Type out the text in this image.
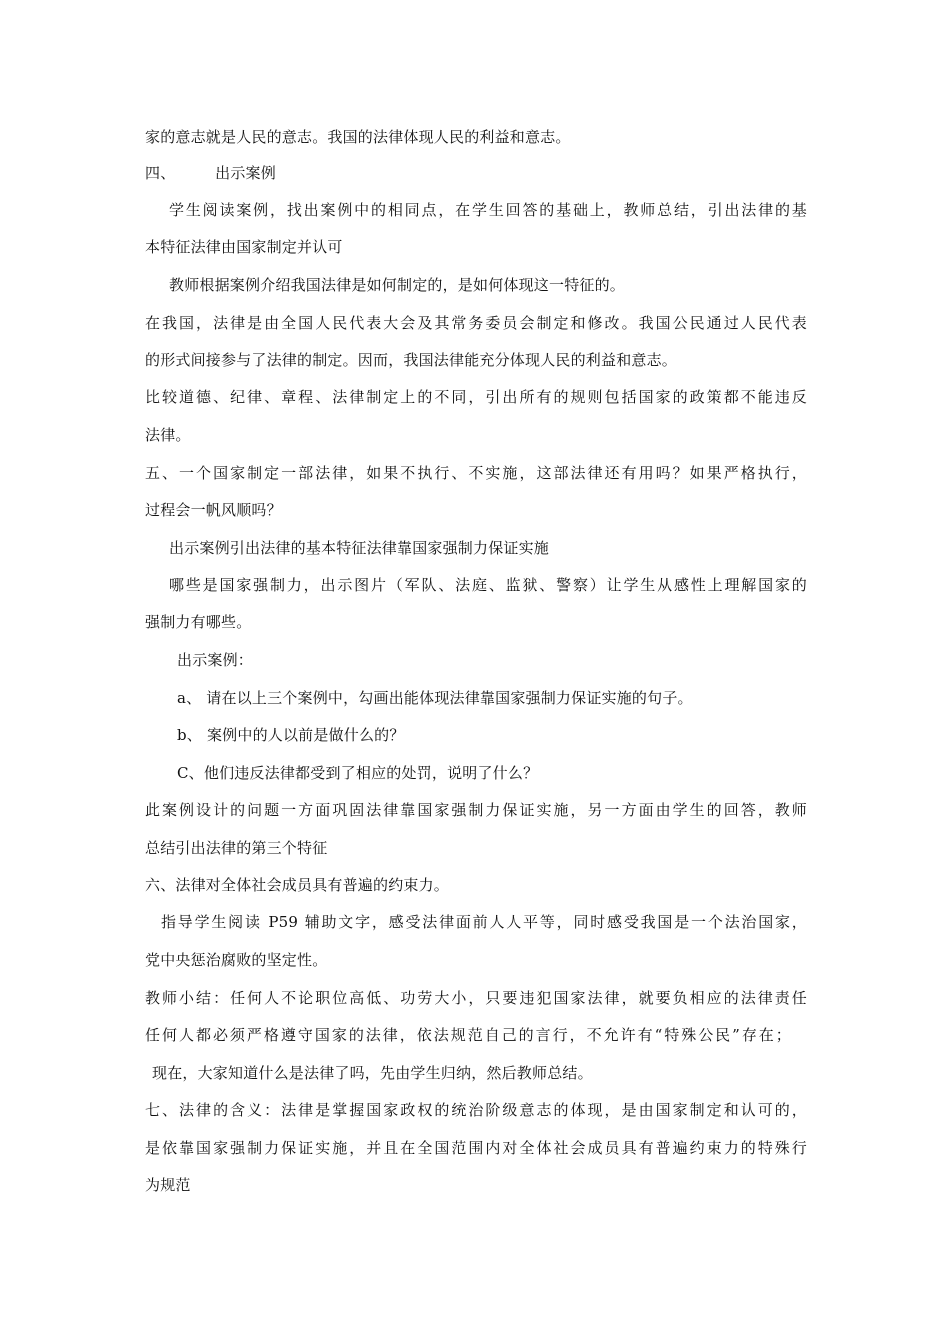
家的意志就是人民的意志。我国的法律体现人民的利益和意志。
四、        出示案例
学生阅读案例，找出案例中的相同点，在学生回答的基础上，教师总结，引出法律的基
本特征法律由国家制定并认可
教师根据案例介绍我国法律是如何制定的，是如何体现这一特征的。
在我国，法律是由全国人民代表大会及其常务委员会制定和修改。我国公民通过人民代表
的形式间接参与了法律的制定。因而，我国法律能充分体现人民的利益和意志。
比较道德、纪律、章程、法律制定上的不同，引出所有的规则包括国家的政策都不能违反
法律。
五、一个国家制定一部法律，如果不执行、不实施，这部法律还有用吗？如果严格执行，
过程会一帆风顺吗？
出示案例引出法律的基本特征法律靠国家强制力保证实施
哪些是国家强制力，出示图片（军队、法庭、监狱、警察）让学生从感性上理解国家的
强制力有哪些。
出示案例：
a、 请在以上三个案例中，勾画出能体现法律靠国家强制力保证实施的句子。
b、 案例中的人以前是做什么的？
C、他们违反法律都受到了相应的处罚，说明了什么？
此案例设计的问题一方面巩固法律靠国家强制力保证实施，另一方面由学生的回答，教师
总结引出法律的第三个特征
六、法律对全体社会成员具有普遍的约束力。
指导学生阅读 P59 辅助文字，感受法律面前人人平等，同时感受我国是一个法治国家，
党中央惩治腐败的坚定性。
教师小结：任何人不论职位高低、功劳大小，只要违犯国家法律，就要负相应的法律责任
任何人都必须严格遵守国家的法律，依法规范自己的言行，不允许有“特殊公民”存在；
现在，大家知道什么是法律了吗，先由学生归纳，然后教师总结。
七、法律的含义：法律是掌握国家政权的统治阶级意志的体现，是由国家制定和认可的，
是依靠国家强制力保证实施，并且在全国范围内对全体社会成员具有普遍约束力的特殊行
为规范
